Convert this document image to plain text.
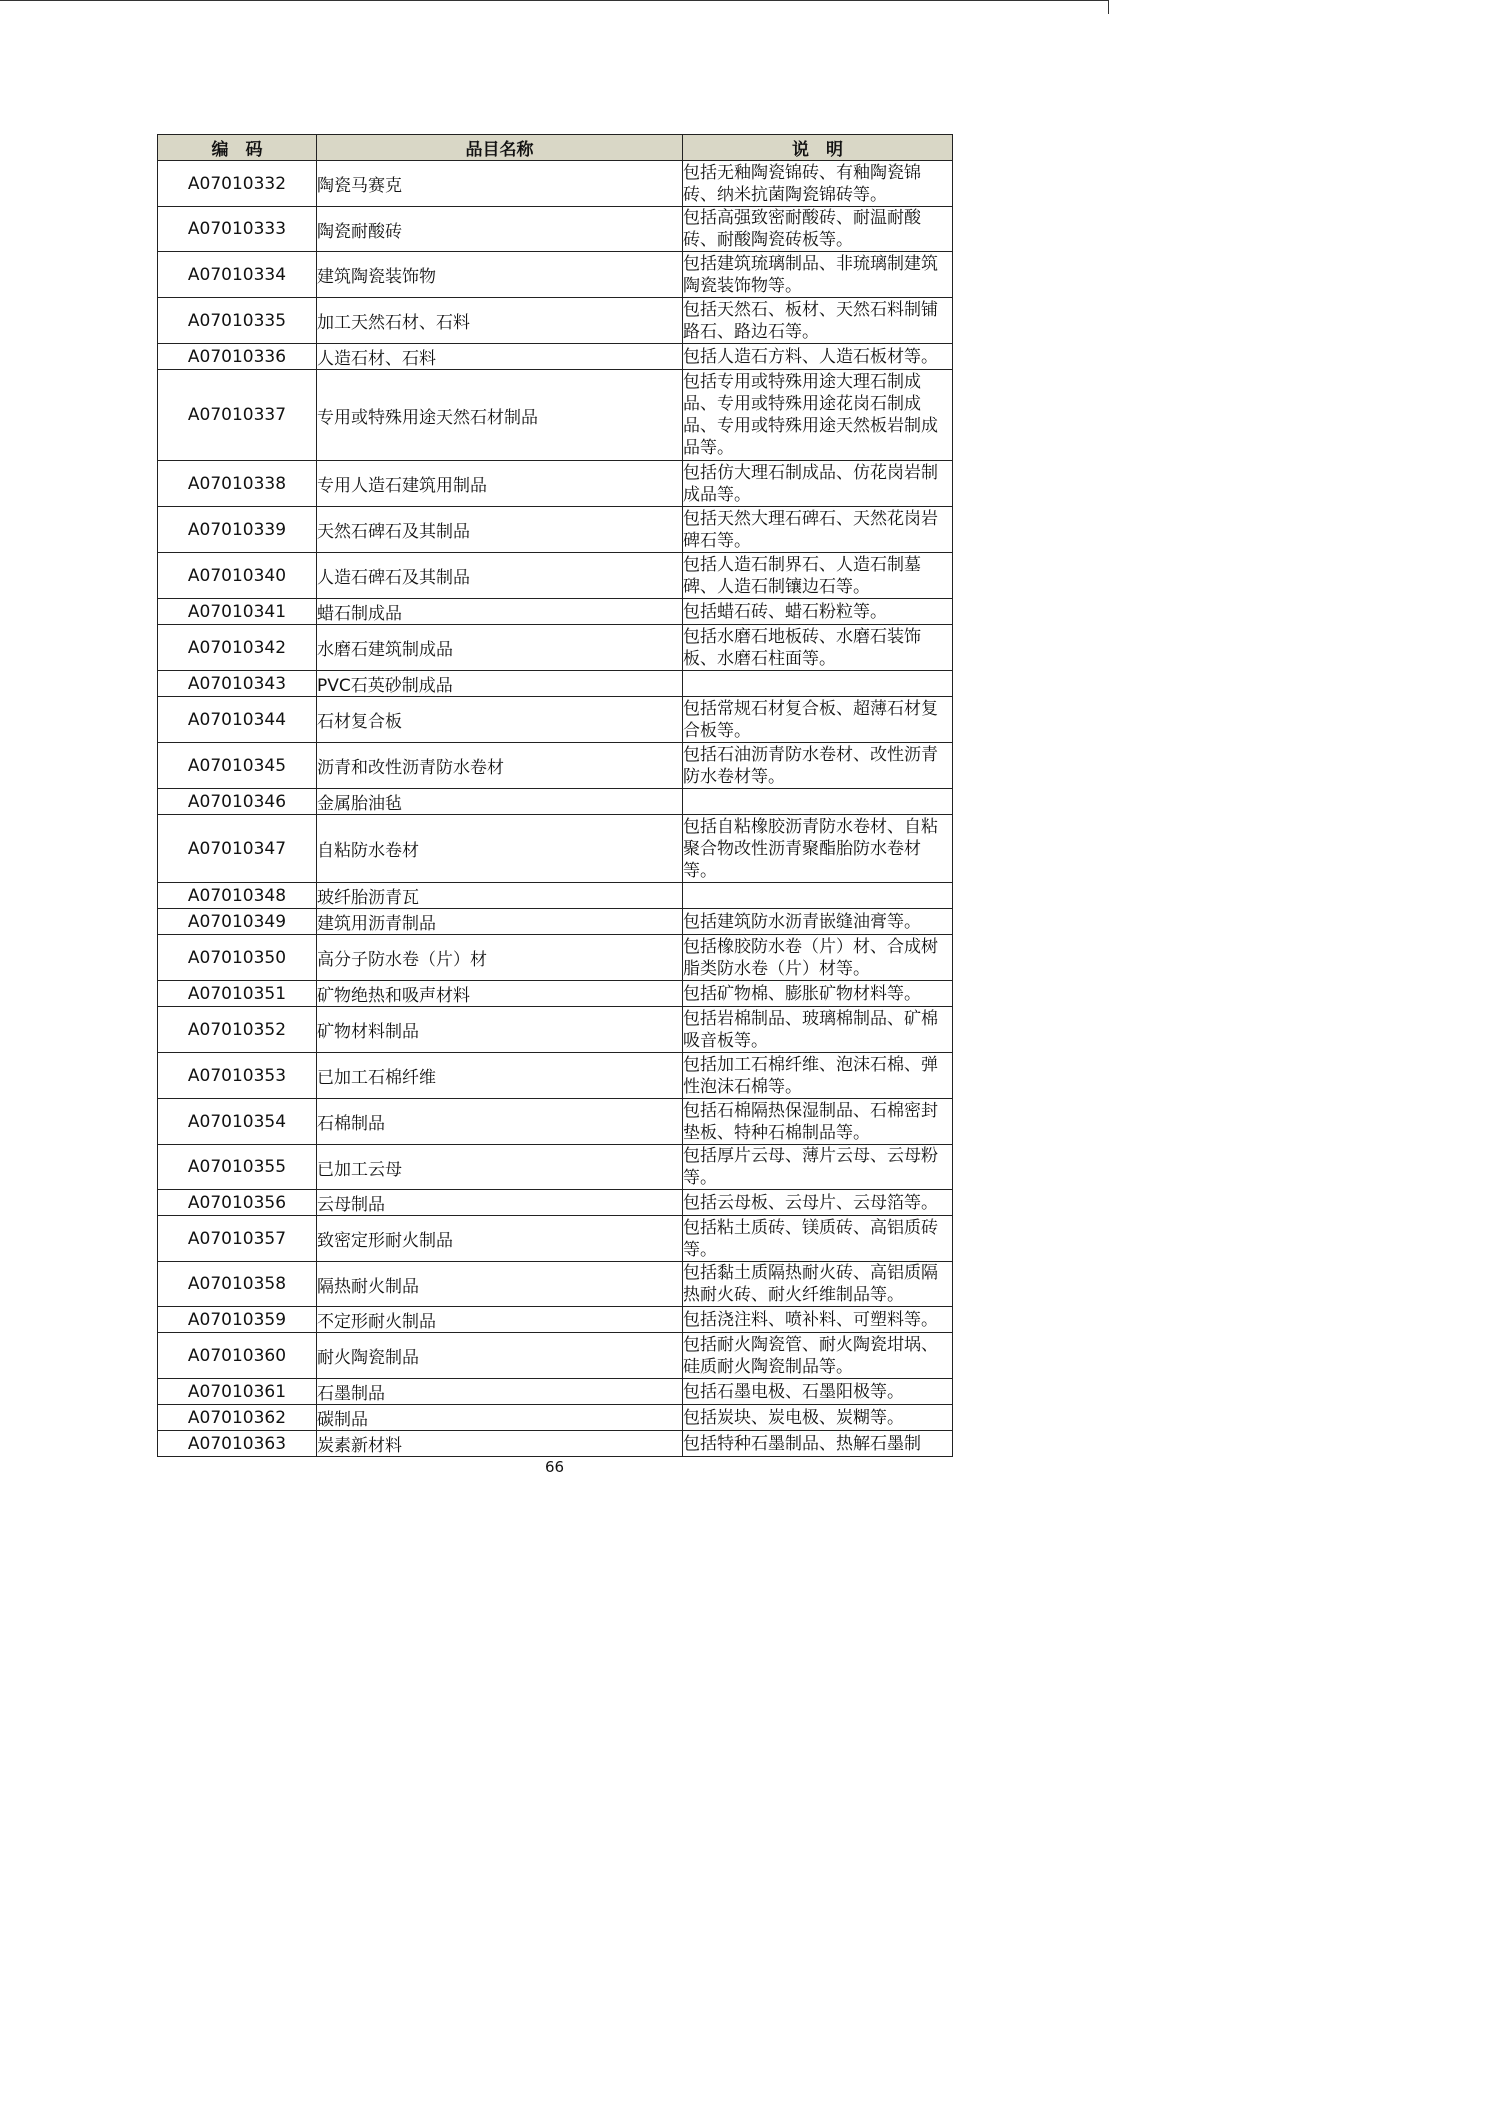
编　码	品目名称	说　明
A07010332	陶瓷马赛克	包括无釉陶瓷锦砖、有釉陶瓷锦砖、纳米抗菌陶瓷锦砖等。
A07010333	陶瓷耐酸砖	包括高强致密耐酸砖、耐温耐酸砖、耐酸陶瓷砖板等。
A07010334	建筑陶瓷装饰物	包括建筑琉璃制品、非琉璃制建筑陶瓷装饰物等。
A07010335	加工天然石材、石料	包括天然石、板材、天然石料制铺路石、路边石等。
A07010336	人造石材、石料	包括人造石方料、人造石板材等。
A07010337	专用或特殊用途天然石材制品	包括专用或特殊用途大理石制成品、专用或特殊用途花岗石制成品、专用或特殊用途天然板岩制成品等。
A07010338	专用人造石建筑用制品	包括仿大理石制成品、仿花岗岩制成品等。
A07010339	天然石碑石及其制品	包括天然大理石碑石、天然花岗岩碑石等。
A07010340	人造石碑石及其制品	包括人造石制界石、人造石制墓碑、人造石制镶边石等。
A07010341	蜡石制成品	包括蜡石砖、蜡石粉粒等。
A07010342	水磨石建筑制成品	包括水磨石地板砖、水磨石装饰板、水磨石柱面等。
A07010343	PVC石英砂制成品	
A07010344	石材复合板	包括常规石材复合板、超薄石材复合板等。
A07010345	沥青和改性沥青防水卷材	包括石油沥青防水卷材、改性沥青防水卷材等。
A07010346	金属胎油毡	
A07010347	自粘防水卷材	包括自粘橡胶沥青防水卷材、自粘聚合物改性沥青聚酯胎防水卷材等。
A07010348	玻纤胎沥青瓦	
A07010349	建筑用沥青制品	包括建筑防水沥青嵌缝油膏等。
A07010350	高分子防水卷（片）材	包括橡胶防水卷（片）材、合成树脂类防水卷（片）材等。
A07010351	矿物绝热和吸声材料	包括矿物棉、膨胀矿物材料等。
A07010352	矿物材料制品	包括岩棉制品、玻璃棉制品、矿棉吸音板等。
A07010353	已加工石棉纤维	包括加工石棉纤维、泡沫石棉、弹性泡沫石棉等。
A07010354	石棉制品	包括石棉隔热保湿制品、石棉密封垫板、特种石棉制品等。
A07010355	已加工云母	包括厚片云母、薄片云母、云母粉等。
A07010356	云母制品	包括云母板、云母片、云母箔等。
A07010357	致密定形耐火制品	包括粘土质砖、镁质砖、高铝质砖等。
A07010358	隔热耐火制品	包括黏土质隔热耐火砖、高铝质隔热耐火砖、耐火纤维制品等。
A07010359	不定形耐火制品	包括浇注料、喷补料、可塑料等。
A07010360	耐火陶瓷制品	包括耐火陶瓷管、耐火陶瓷坩埚、硅质耐火陶瓷制品等。
A07010361	石墨制品	包括石墨电极、石墨阳极等。
A07010362	碳制品	包括炭块、炭电极、炭糊等。
A07010363	炭素新材料	包括特种石墨制品、热解石墨制
66
